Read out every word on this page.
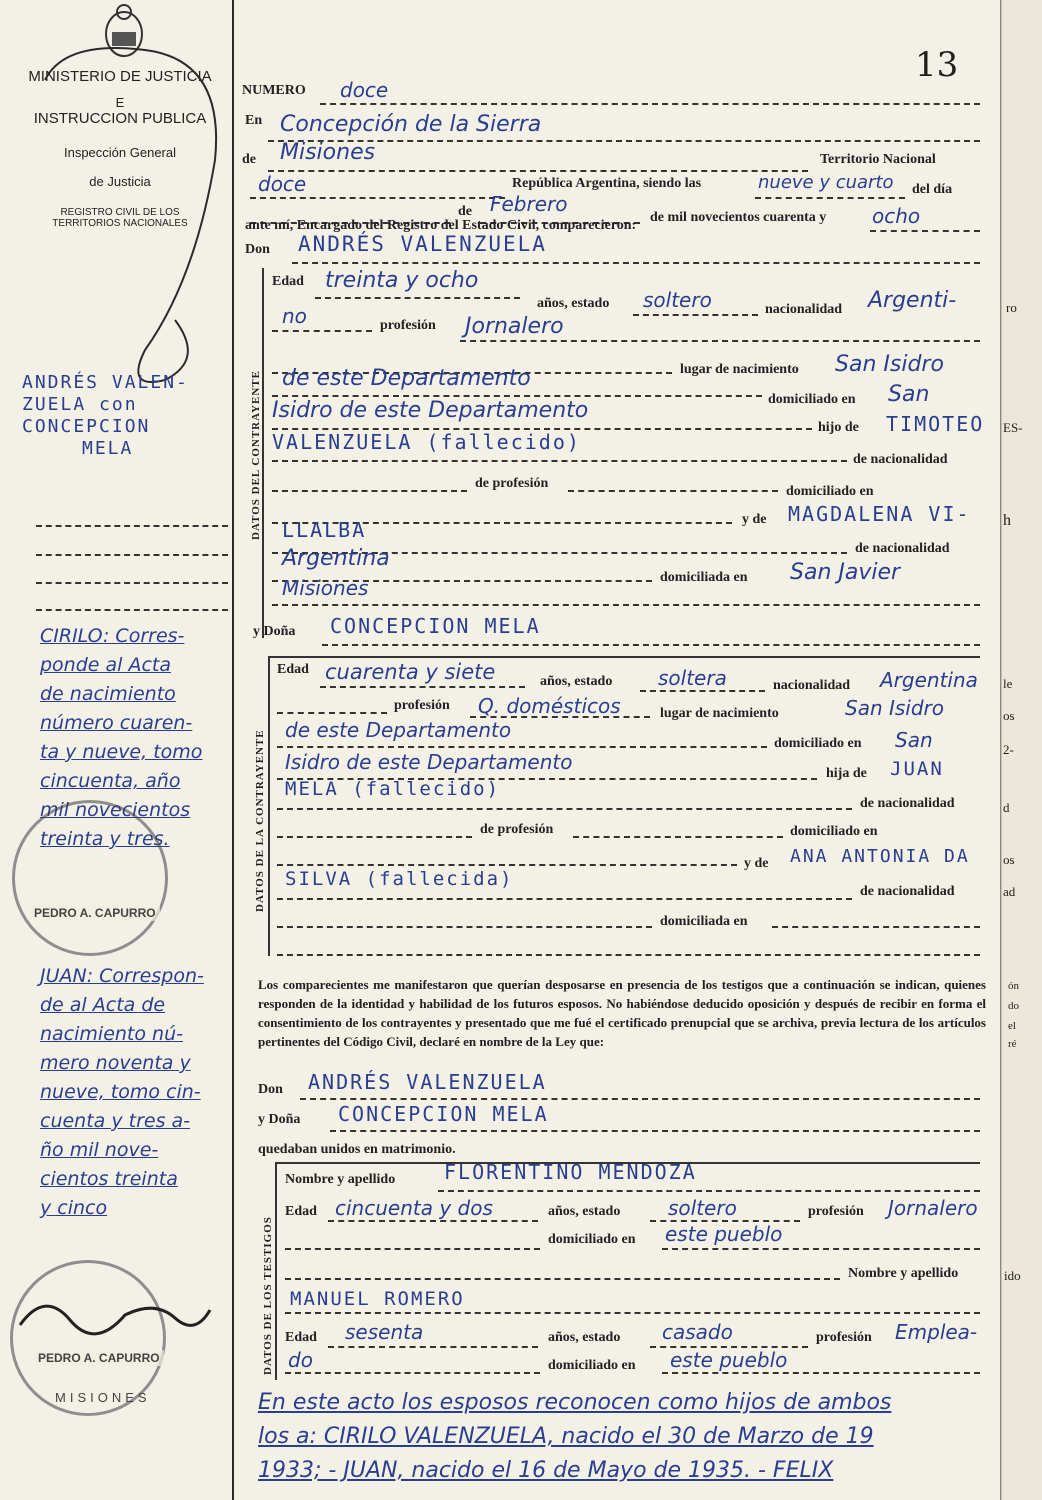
13
MINISTERIO DE JUSTICIA
E
INSTRUCCION PUBLICA
Inspección General
de Justicia
REGISTRO CIVIL DE LOS
TERRITORIOS NACIONALES
ANDRÉS VALEN-
ZUELA con
CONCEPCION
MELA
CIRILO: Corres-
ponde al Acta
de nacimiento
número cuaren-
ta y nueve, tomo
cincuenta, año
mil novecientos
treinta y tres.
JUAN: Correspon-
de al Acta de
nacimiento nú-
mero noventa y
nueve, tomo cin-
cuenta y tres a-
ño mil nove-
cientos treinta
y cinco
PEDRO A. CAPURRO
PEDRO A. CAPURRO
MISIONES
NUMERO doce
En Concepción de la Sierra
de Misiones	Territorio Nacional
doce	República Argentina, siendo las	nueve y cuarto del día
de Febrero
de mil novecientos cuarenta y ocho
ante mí, Encargado del Registro del Estado Civil, comparecieron:
Don ANDRÉS VALENZUELA
DATOS DEL CONTRAYENTE
Edad treinta y ocho
años, estado soltero	nacionalidad Argenti-
no	profesión Jornalero
lugar de nacimiento San Isidro
de este Departamento
domiciliado en San
Isidro de este Departamento
hijo de TIMOTEO
VALENZUELA (fallecido)
de nacionalidad
de profesión
domiciliado en
y de MAGDALENA VI-
LLALBA
de nacionalidad
Argentina
domiciliada en San Javier
Misiones
y Doña CONCEPCION MELA
DATOS DE LA CONTRAYENTE
Edad cuarenta y siete	años, estado soltera	nacionalidad Argentina
profesión Q. domésticos	lugar de nacimiento	San Isidro
de este Departamento
domiciliado en San
Isidro de este Departamento	hija de JUAN
MELA (fallecido)
de nacionalidad
de profesión	domiciliado en
y de ANA ANTONIA DA
SILVA (fallecida)
de nacionalidad
domiciliada en
Los comparecientes me manifestaron que querían desposarse en presencia de los testigos que a continuación se indican, quienes responden de la identidad y habilidad de los futuros esposos. No habiéndose deducido oposición y después de recibir en forma el consentimiento de los contrayentes y presentado que me fué el certificado prenupcial que se archiva, previa lectura de los artículos pertinentes del Código Civil, declaré en nombre de la Ley que:
Don ANDRÉS VALENZUELA
y Doña CONCEPCION MELA
quedaban unidos en matrimonio.
DATOS DE LOS TESTIGOS
Nombre y apellido FLORENTINO MENDOZA
Edad cincuenta y dos	años, estado soltero	profesión Jornalero
domiciliado en este pueblo
Nombre y apellido
MANUEL ROMERO
Edad sesenta	años, estado casado	profesión Emplea-
do	domiciliado en este pueblo
En este acto los esposos reconocen como hijos de ambos
los a: CIRILO VALENZUELA, nacido el 30 de Marzo de 19
1933; - JUAN, nacido el 16 de Mayo de 1935. - FELIX
ro
ES-
h
le
os
2-
d
os
ad
ón
do
el
ré
ido
